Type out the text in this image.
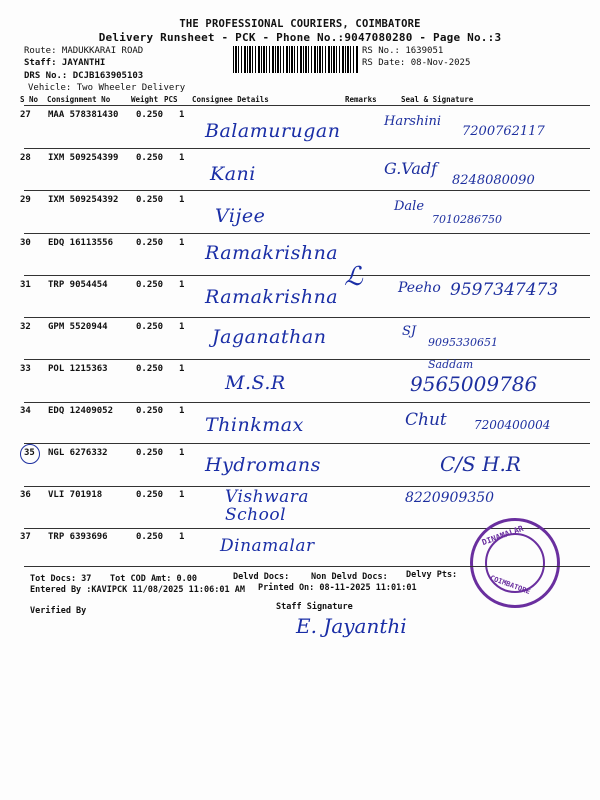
THE PROFESSIONAL COURIERS, COIMBATORE
Delivery Runsheet - PCK - Phone No.:9047080280 - Page No.:3
Route: MADUKKARAI ROAD
Staff: JAYANTHI
DRS No.: DCJB163905103
Vehicle: Two Wheeler Delivery
RS No.: 1639051
RS Date: 08-Nov-2025
S No Consignment No	Weight PCS Consignee Details	Remarks	Seal & Signature
27 MAA 578381430 0.250 1
Balamurugan	Harshini
7200762117
28 IXM 509254399 0.250 1
Kani	G.Vadf
8248080090
29 IXM 509254392 0.250 1
Vijee	Dale
7010286750
30 EDQ 16113556	0.250 1 Ramakrishna
31 TRP 9054454	0.250 1
Ramakrishna	Peeho 9597347473
32 GPM 5520944	0.250 1 Jaganathan	SJ
9095330651
33 POL 1215363	0.250 1
M.S.R
Saddam
9565009786
34 EDQ 12409052	0.250 1
Thinkmax	Chut 7200400004
35 NGL 6276332	0.250 1
Hydromans	C/S H.R
36 VLI 701918	0.250 1 Vishwara School
8220909350
37 TRP 6393696	0.250 1 Dinamalar
ℒ
DINAMALAR
COIMBATORE
Tot Docs: 37 Tot COD Amt: 0.00	Delvd Docs:	Non Delvd Docs: Delvy Pts:
Entered By :KAVIPCK 11/08/2025 11:06:01 AM Printed On: 08-11-2025 11:01:01
Verified By	Staff Signature
E. Jayanthi
